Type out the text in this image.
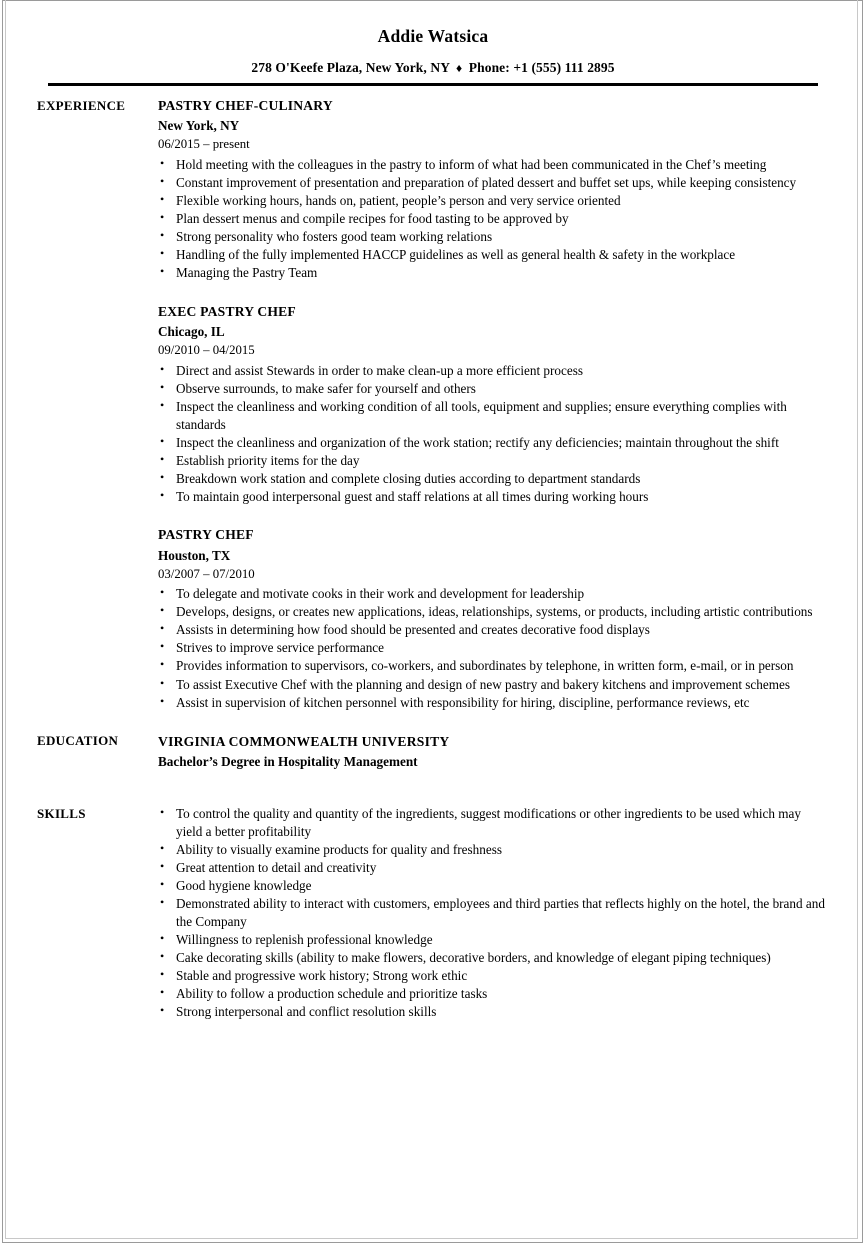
Addie Watsica
278 O'Keefe Plaza, New York, NY ♦ Phone: +1 (555) 111 2895
EXPERIENCE	PASTRY CHEF-CULINARY
New York, NY
06/2015 – present
• Hold meeting with the colleagues in the pastry to inform of what had been communicated in the Chef’s meeting
• Constant improvement of presentation and preparation of plated dessert and buffet set ups, while keeping consistency
• Flexible working hours, hands on, patient, people’s person and very service oriented
• Plan dessert menus and compile recipes for food tasting to be approved by
• Strong personality who fosters good team working relations
• Handling of the fully implemented HACCP guidelines as well as general health & safety in the workplace
• Managing the Pastry Team
EXEC PASTRY CHEF
Chicago, IL
09/2010 – 04/2015
• Direct and assist Stewards in order to make clean-up a more efficient process
• Observe surrounds, to make safer for yourself and others
• Inspect the cleanliness and working condition of all tools, equipment and supplies; ensure everything complies with standards
• Inspect the cleanliness and organization of the work station; rectify any deficiencies; maintain throughout the shift
• Establish priority items for the day
• Breakdown work station and complete closing duties according to department standards
• To maintain good interpersonal guest and staff relations at all times during working hours
PASTRY CHEF
Houston, TX
03/2007 – 07/2010
• To delegate and motivate cooks in their work and development for leadership
• Develops, designs, or creates new applications, ideas, relationships, systems, or products, including artistic contributions
• Assists in determining how food should be presented and creates decorative food displays
• Strives to improve service performance
• Provides information to supervisors, co-workers, and subordinates by telephone, in written form, e-mail, or in person
• To assist Executive Chef with the planning and design of new pastry and bakery kitchens and improvement schemes
• Assist in supervision of kitchen personnel with responsibility for hiring, discipline, performance reviews, etc
EDUCATION	VIRGINIA COMMONWEALTH UNIVERSITY
Bachelor’s Degree in Hospitality Management
SKILLS	• To control the quality and quantity of the ingredients, suggest modifications or other ingredients to be used which may yield a better profitability
• Ability to visually examine products for quality and freshness
• Great attention to detail and creativity
• Good hygiene knowledge
• Demonstrated ability to interact with customers, employees and third parties that reflects highly on the hotel, the brand and the Company
• Willingness to replenish professional knowledge
• Cake decorating skills (ability to make flowers, decorative borders, and knowledge of elegant piping techniques)
• Stable and progressive work history; Strong work ethic
• Ability to follow a production schedule and prioritize tasks
• Strong interpersonal and conflict resolution skills
